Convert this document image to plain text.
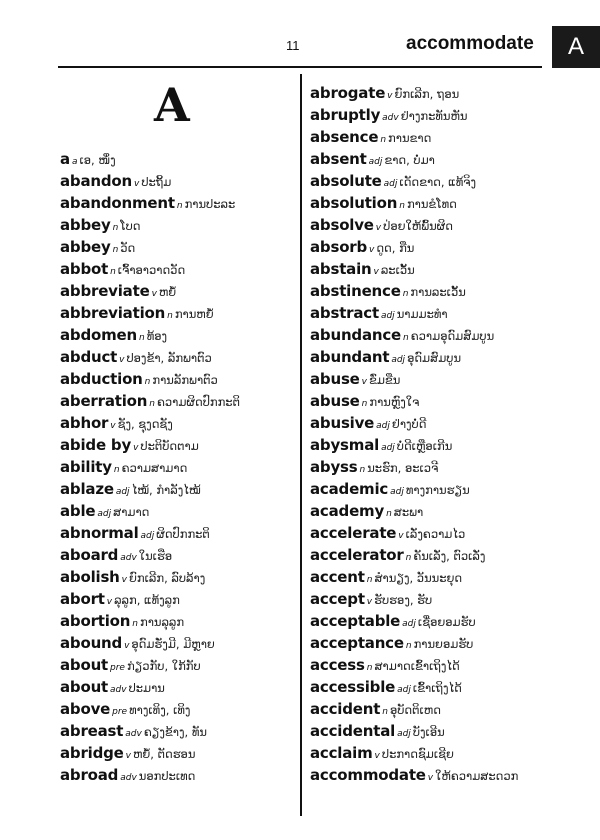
11	accommodate	A
A
aa ເອ, ໜຶ່ງ
abandon v ປະຖິ້ມ
abandonment n ການປະລະ
abbey n ໂບດ
abbey n ວັດ
abbot n ເຈົ້າອາວາດວັດ
abbreviate v ຫຍໍ້
abbreviation n ການຫຍໍ້
abdomen n ທ້ອງ
abduct v ປອງຂ້າ, ລັກພາຕົວ
abduction n ການລັກພາຕົວ
aberration n ຄວາມຜິດປົກກະຕິ
abhor v ຊັງ, ຊຸງດຊັງ
abide by v ປະຕິບັດຕາມ
ability n ຄວາມສາມາດ
ablaze adj ໄໝ້, ກຳລັງໄໝ້
able adj ສາມາດ
abnormal adj ຜິດປົກກະຕິ
aboard adv ໃນເຮືອ
abolish v ຍົກເລີກ, ລົບລ້າງ
abort v ລຸລູກ, ແທ້ງລູກ
abortion n ການລຸລູກ
abound v ອຸດົມຮັ່ງມີ, ມີຫຼາຍ
about pre ກ່ຽວກັບ, ໃກ້ກັບ
about adv ປະມານ
above pre ທາງເທິງ, ເທິງ
abreast adv ຄຽງຂ້າງ, ທັນ
abridge v ຫຍໍ້, ຕັດຮອນ
abroad adv ນອກປະເທດ
abrogate v ຍົກເລີກ, ຖອນ
abruptly adv ຢ່າງກະທັນຫັນ
absence n ການຂາດ
absent adj ຂາດ, ບໍ່ມາ
absolute adj ເດັດຂາດ, ແທ້ຈິງ
absolution n ການຂໍໂທດ
absolve v ປ່ອຍໃຫ້ພົ້ນຜິດ
absorb v ດູດ, ກືນ
abstain v ລະເວັ້ນ
abstinence n ການລະເວັ້ນ
abstract adj ນາມມະທຳ
abundance n ຄວາມອຸດົມສົມບູນ
abundant adj ອຸດົມສົມບູນ
abuse v ຂົ່ມຂືນ
abuse n ການຫຼົງໃຈ
abusive adj ຢ່າງບໍ່ດີ
abysmal adj ບໍ່ດີເຫຼືອເກີນ
abyss n ນະຮົກ, ອະເວຈີ
academic adj ທາງການຮຽນ
academy n ສະພາ
accelerate v ເລັ່ງຄວາມໄວ
accelerator n ຄັນເລັ່ງ, ຕົວເລັ່ງ
accent n ສຳນຽງ, ວັນນະຍຸດ
accept v ຮັບຮອງ, ຮັບ
acceptable adj ເຊື່ອຍອມຮັບ
acceptance n ການຍອມຮັບ
access n ສາມາດເຂົ້າເຖິງໄດ້
accessible adj ເຂົ້າເຖິງໄດ້
accident n ອຸບັດຕິເຫດ
accidental adj ບັງເອີນ
acclaim v ປະກາດຊົມເຊີຍ
accommodate v ໃຫ້ຄວາມສະດວກ
